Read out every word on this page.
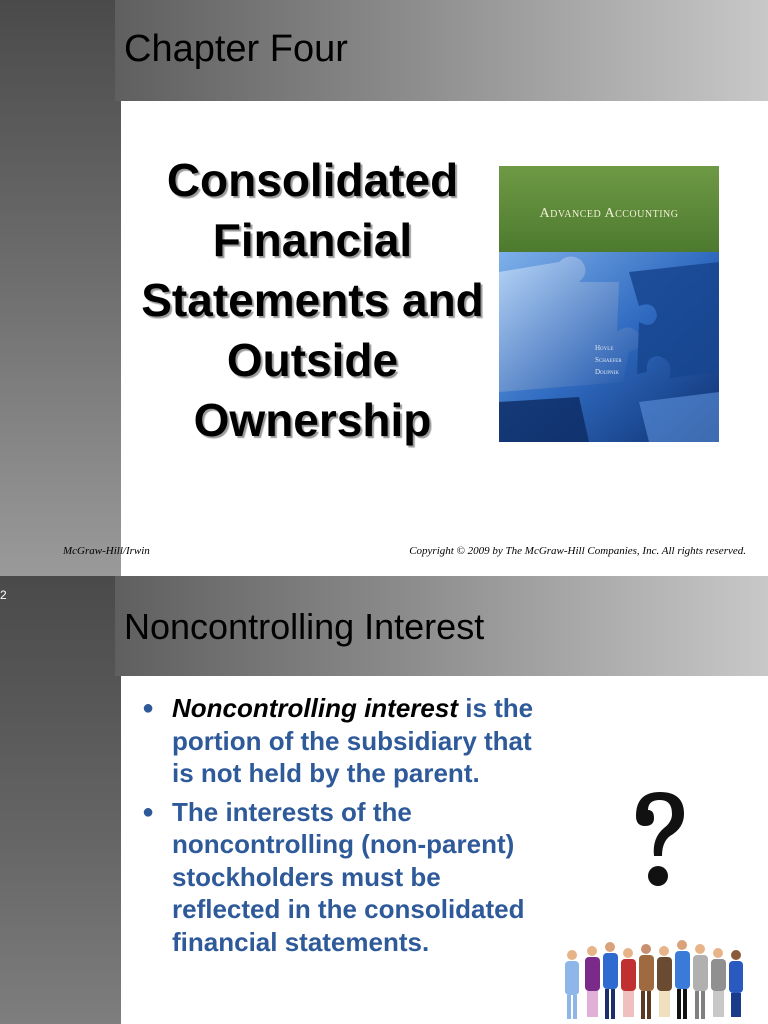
Chapter Four
Consolidated
Financial
Statements and
Outside
Ownership
Advanced Accounting
Hoyle
Schaefer
Doupnik
McGraw-Hill/Irwin	Copyright © 2009 by The McGraw-Hill Companies, Inc. All rights reserved.
2
Noncontrolling Interest
● Noncontrolling interest is the portion of the subsidiary that is not held by the parent.
● The interests of the noncontrolling (non-parent) stockholders must be reflected in the consolidated financial statements.
